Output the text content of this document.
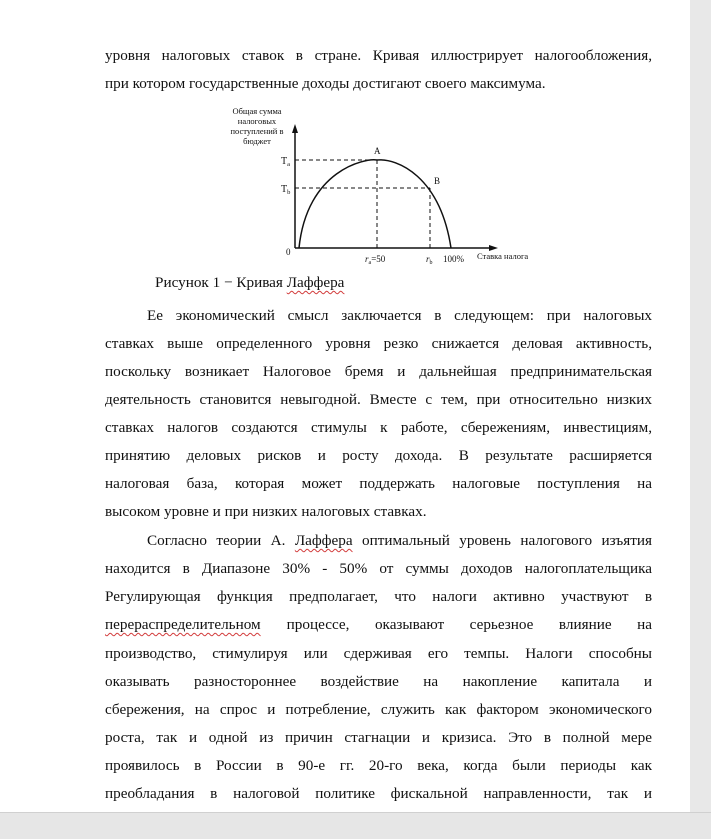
уровня налоговых ставок в стране. Кривая иллюстрирует налогообложения,
при котором государственные доходы достигают своего максимума.
Общая сумма
налоговых
поступлений в
бюджет
$T_a$
$T_b$
0
A
B
$r_a=50$	$r_b$ 100% Ставка налога
Рисунок 1 − Кривая Лаффера
Ее экономический смысл заключается в следующем: при налоговых
ставках выше определенного уровня резко снижается деловая активность,
поскольку возникает Налоговое бремя и дальнейшая предпринимательская
деятельность становится невыгодной. Вместе с тем, при относительно низких
ставках налогов создаются стимулы к работе, сбережениям, инвестициям,
принятию деловых рисков и росту дохода. В результате расширяется
налоговая база, которая может поддержать налоговые поступления на
высоком уровне и при низких налоговых ставках.
Согласно теории А. Лаффера оптимальный уровень налогового изъятия
находится в Диапазоне 30% - 50% от суммы доходов налогоплательщика
Регулирующая функция предполагает, что налоги активно участвуют в
перераспределительном процессе, оказывают серьезное влияние на
производство, стимулируя или сдерживая его темпы. Налоги способны
оказывать разностороннее воздействие на накопление капитала и
сбережения, на спрос и потребление, служить как фактором экономического
роста, так и одной из причин стагнации и кризиса. Это в полной мере
проявилось в России в 90-е гг. 20-го века, когда были периоды как
преобладания в налоговой политике фискальной направленности, так и
